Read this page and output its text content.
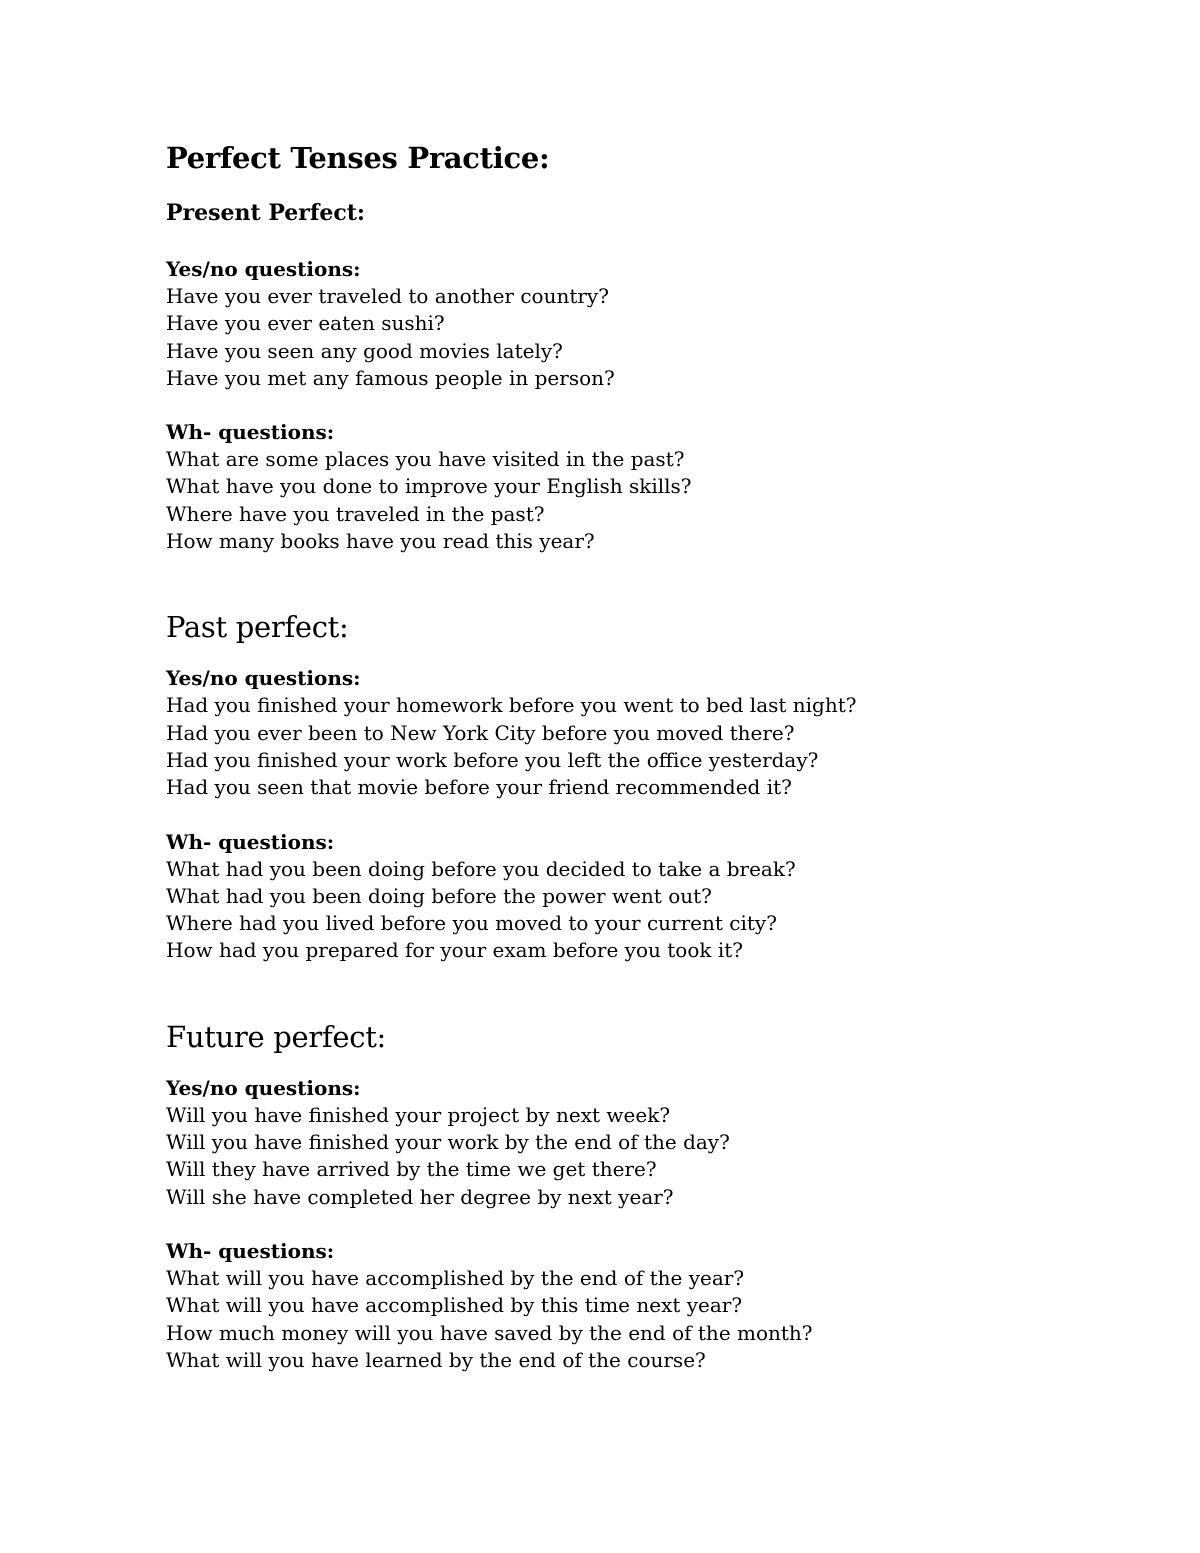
Perfect Tenses Practice:
Present Perfect:

Yes/no questions:

Have you ever traveled to another country?

Have you ever eaten sushi?

Have you seen any good movies lately?

Have you met any famous people in person?

Wh- questions:

What are some places you have visited in the past?

What have you done to improve your English skills?

Where have you traveled in the past?

How many books have you read this year?

Past perfect:

Yes/no questions:

Had you finished your homework before you went to bed last night?

Had you ever been to New York City before you moved there?

Had you finished your work before you left the office yesterday?

Had you seen that movie before your friend recommended it?

Wh- questions:

What had you been doing before you decided to take a break?

What had you been doing before the power went out?

Where had you lived before you moved to your current city?

How had you prepared for your exam before you took it?

Future perfect:

Yes/no questions:

Will you have finished your project by next week?

Will you have finished your work by the end of the day?

Will they have arrived by the time we get there?

Will she have completed her degree by next year?

Wh- questions:

What will you have accomplished by the end of the year?

What will you have accomplished by this time next year?

How much money will you have saved by the end of the month?

What will you have learned by the end of the course?
